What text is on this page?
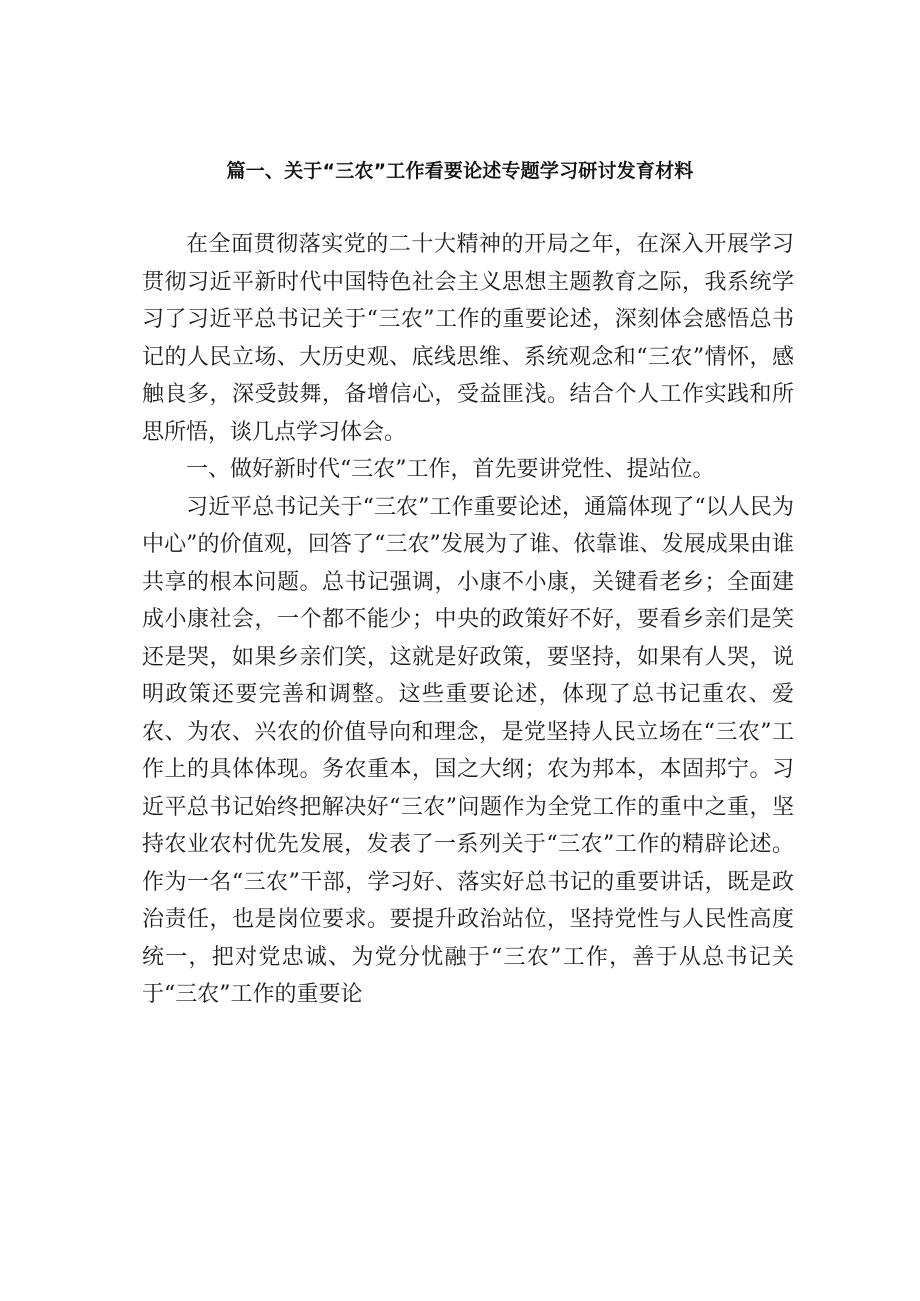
篇一、关于“三农”工作看要论述专题学习研讨发育材料

在全面贯彻落实党的二十大精神的开局之年，在深入开展学习贯彻习近平新时代中国特色社会主义思想主题教育之际，我系统学习了习近平总书记关于“三农”工作的重要论述，深刻体会感悟总书记的人民立场、大历史观、底线思维、系统观念和“三农”情怀，感触良多，深受鼓舞，备增信心，受益匪浅。结合个人工作实践和所思所悟，谈几点学习体会。

一、做好新时代“三农”工作，首先要讲党性、提站位。

习近平总书记关于“三农”工作重要论述，通篇体现了“以人民为中心”的价值观，回答了“三农”发展为了谁、依靠谁、发展成果由谁共享的根本问题。总书记强调，小康不小康，关键看老乡；全面建成小康社会，一个都不能少；中央的政策好不好，要看乡亲们是笑还是哭，如果乡亲们笑，这就是好政策，要坚持，如果有人哭，说明政策还要完善和调整。这些重要论述，体现了总书记重农、爱农、为农、兴农的价值导向和理念，是党坚持人民立场在“三农”工作上的具体体现。务农重本，国之大纲；农为邦本，本固邦宁。习近平总书记始终把解决好“三农”问题作为全党工作的重中之重，坚持农业农村优先发展，发表了一系列关于“三农”工作的精辟论述。作为一名“三农”干部，学习好、落实好总书记的重要讲话，既是政治责任，也是岗位要求。要提升政治站位，坚持党性与人民性高度统一，把对党忠诚、为党分忧融于“三农”工作，善于从总书记关于“三农”工作的重要论
